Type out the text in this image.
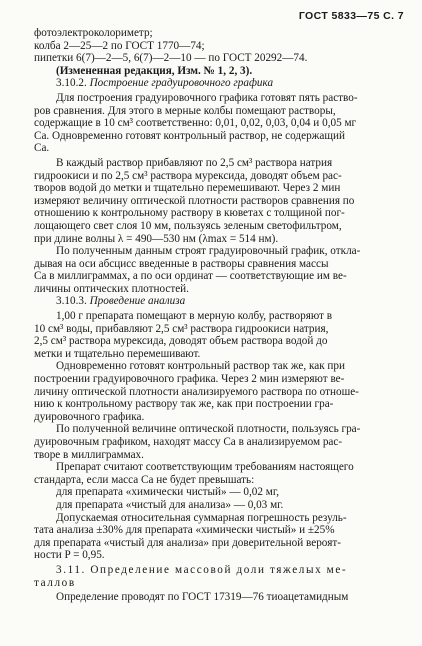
ГОСТ 5833—75 С. 7
фотоэлектроколориметр;
колба 2—25—2 по ГОСТ 1770—74;
пипетки 6(7)—2—5, 6(7)—2—10 — по ГОСТ 20292—74.
(Измененная редакция, Изм. № 1, 2, 3).
3.10.2. Построение градуировочного графика
Для построения градуировочного графика готовят пять раство-
ров сравнения. Для этого в мерные колбы помещают растворы,
содержащие в 10 см³ соответственно: 0,01, 0,02, 0,03, 0,04 и 0,05 мг
Са. Одновременно готовят контрольный раствор, не содержащий
Са.
В каждый раствор прибавляют по 2,5 см³ раствора натрия
гидроокиси и по 2,5 см³ раствора мурексида, доводят объем рас-
творов водой до метки и тщательно перемешивают. Через 2 мин
измеряют величину оптической плотности растворов сравнения по
отношению к контрольному раствору в кюветах с толщиной пог-
лощающего свет слоя 10 мм, пользуясь зеленым светофильтром,
при длине волны λ = 490—530 нм (λmax = 514 нм).
По полученным данным строят градуировочный график, откла-
дывая на оси абсцисс введенные в растворы сравнения массы
Са в миллиграммах, а по оси ординат — соответствующие им ве-
личины оптических плотностей.
3.10.3. Проведение анализа
1,00 г препарата помещают в мерную колбу, растворяют в
10 см³ воды, прибавляют 2,5 см³ раствора гидроокиси натрия,
2,5 см³ раствора мурексида, доводят объем раствора водой до
метки и тщательно перемешивают.
Одновременно готовят контрольный раствор так же, как при
построении градуировочного графика. Через 2 мин измеряют ве-
личину оптической плотности анализируемого раствора по отноше-
нию к контрольному раствору так же, как при построении гра-
дуировочного графика.
По полученной величине оптической плотности, пользуясь гра-
дуировочным графиком, находят массу Са в анализируемом рас-
творе в миллиграммах.
Препарат считают соответствующим требованиям настоящего
стандарта, если масса Са не будет превышать:
для препарата «химически чистый» — 0,02 мг,
для препарата «чистый для анализа» — 0,03 мг.
Допускаемая относительная суммарная погрешность резуль-
тата анализа ±30% для препарата «химически чистый» и ±25%
для препарата «чистый для анализа» при доверительной вероят-
ности P = 0,95.
3.11. Определение массовой доли тяжелых ме-
таллов
Определение проводят по ГОСТ 17319—76 тиоацетамидным
